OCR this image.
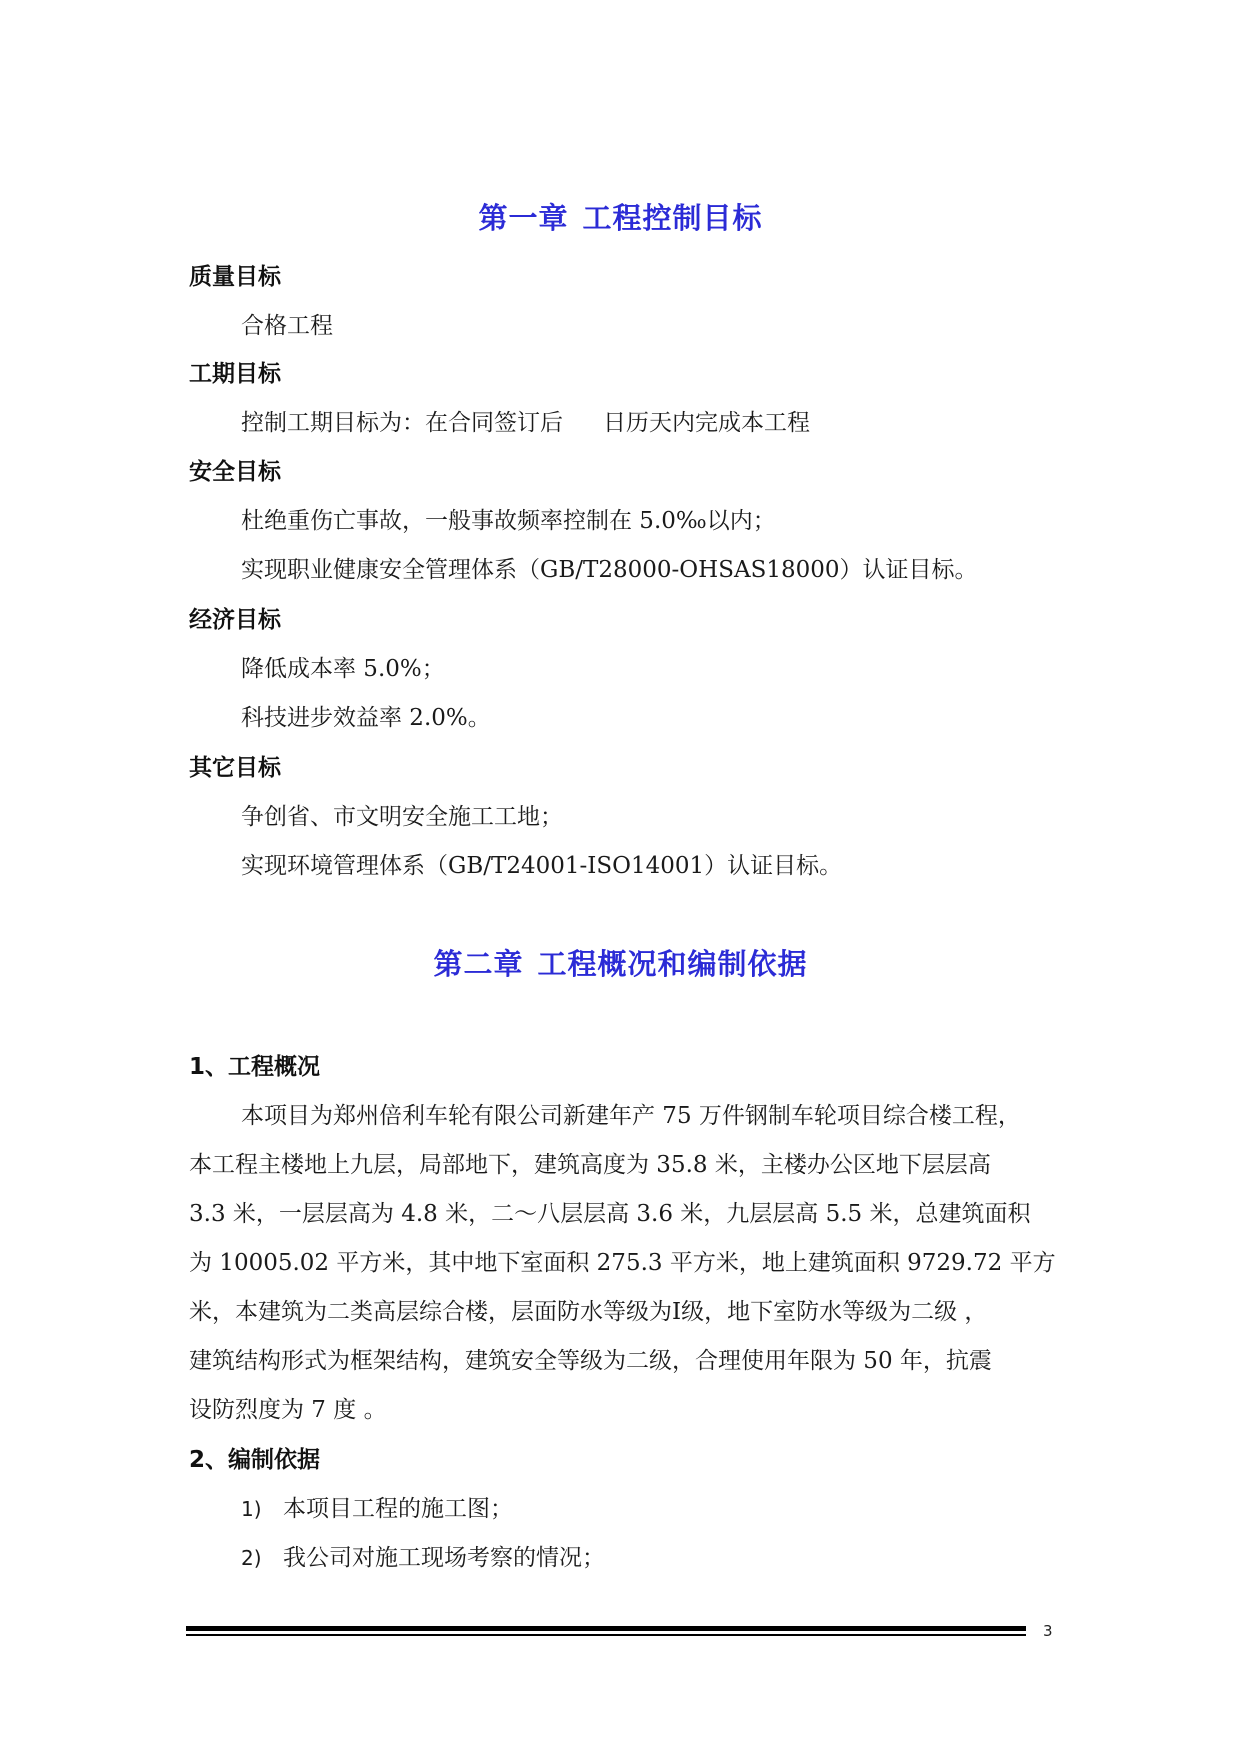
第一章 工程控制目标
质量目标
合格工程
工期目标
控制工期目标为：在合同签订后 日历天内完成本工程
安全目标
杜绝重伤亡事故，一般事故频率控制在 5.0‰以内；
实现职业健康安全管理体系（GB/T28000-OHSAS18000）认证目标。
经济目标
降低成本率 5.0%；
科技进步效益率 2.0%。
其它目标
争创省、市文明安全施工工地；
实现环境管理体系（GB/T24001-ISO14001）认证目标。
第二章 工程概况和编制依据
1、工程概况
本项目为郑州倍利车轮有限公司新建年产 75 万件钢制车轮项目综合楼工程，
本工程主楼地上九层，局部地下，建筑高度为 35.8 米，主楼办公区地下层层高
3.3 米，一层层高为 4.8 米，二～八层层高 3.6 米，九层层高 5.5 米，总建筑面积
为 10005.02 平方米，其中地下室面积 275.3 平方米，地上建筑面积 9729.72 平方
米，本建筑为二类高层综合楼，层面防水等级为Ⅰ级，地下室防水等级为二级 ，
建筑结构形式为框架结构，建筑安全等级为二级，合理使用年限为 50 年，抗震
设防烈度为 7 度 。
2、编制依据
1) 本项目工程的施工图；
2) 我公司对施工现场考察的情况；
3
